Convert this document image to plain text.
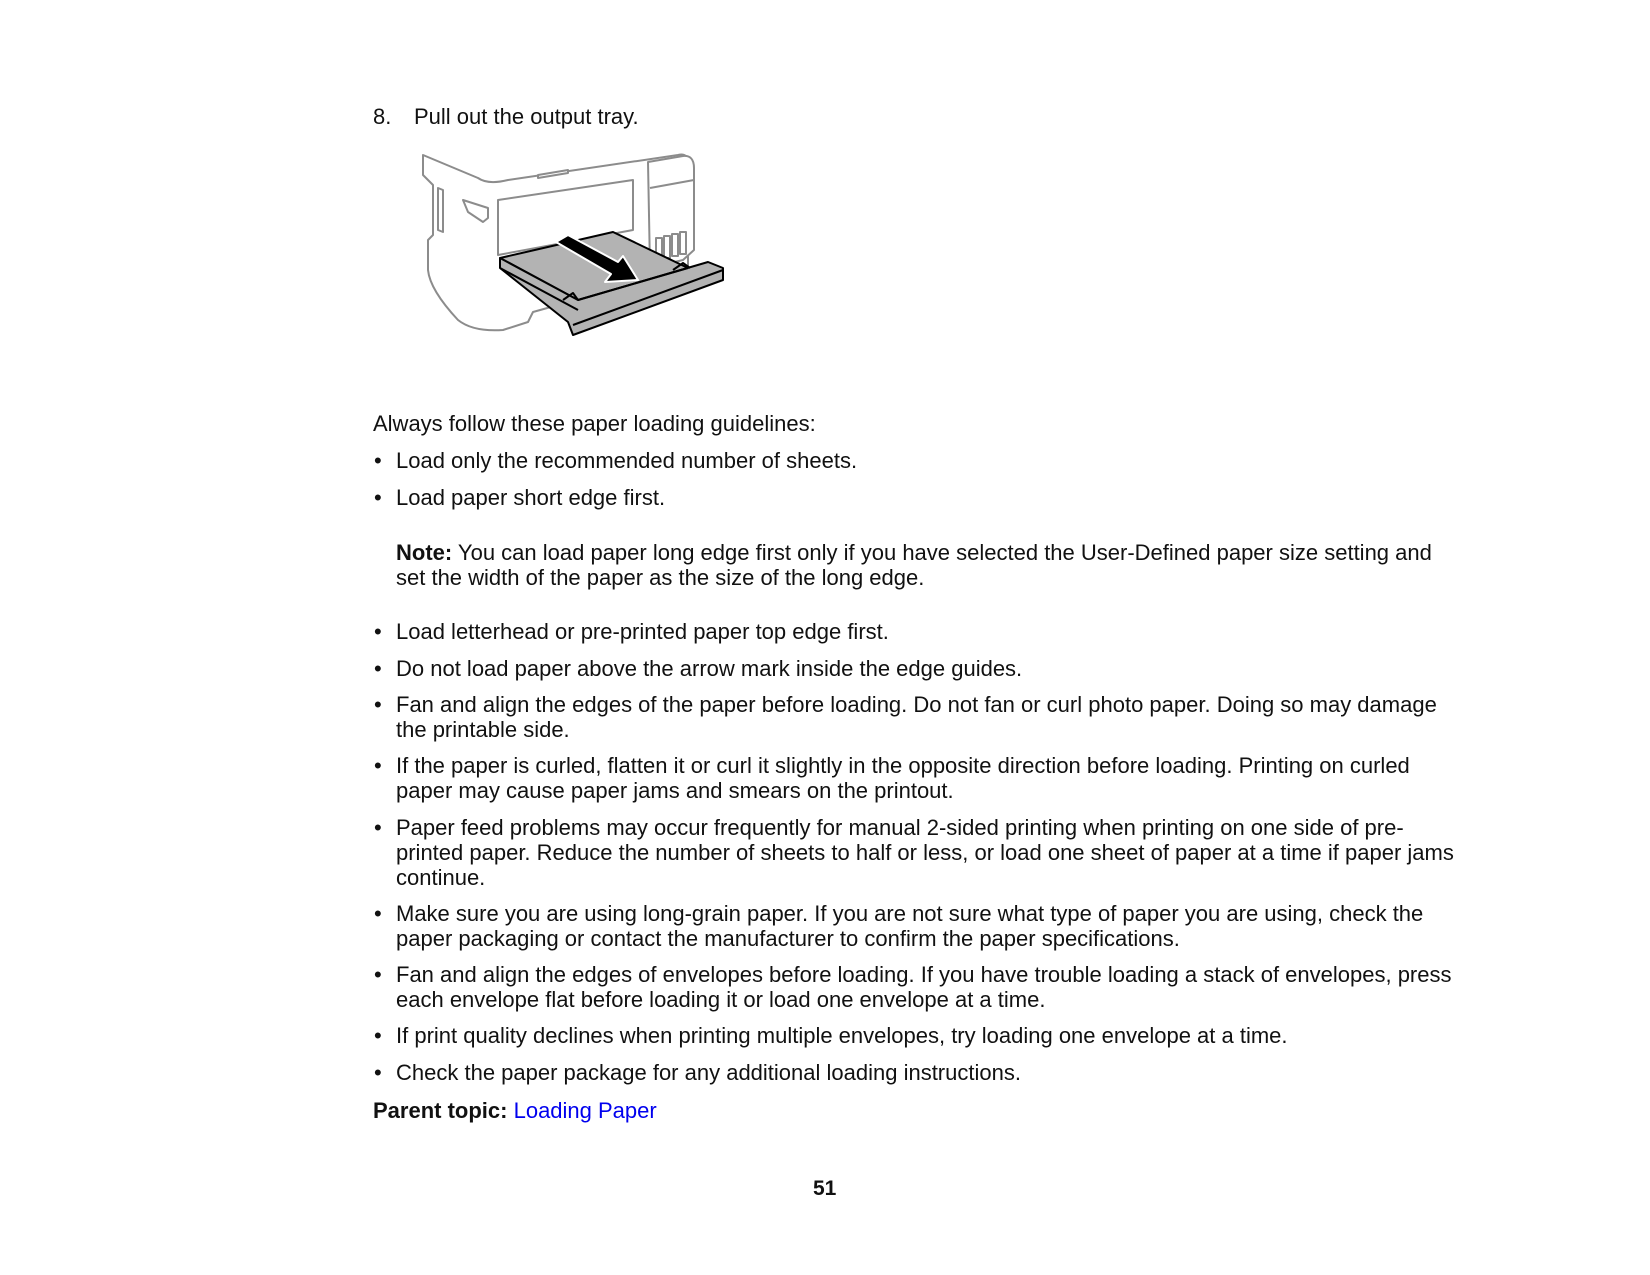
8. Pull out the output tray.
Always follow these paper loading guidelines:
• Load only the recommended number of sheets.
• Load paper short edge first.
Note: You can load paper long edge first only if you have selected the User-Defined paper size setting and set the width of the paper as the size of the long edge.
• Load letterhead or pre-printed paper top edge first.
• Do not load paper above the arrow mark inside the edge guides.
• Fan and align the edges of the paper before loading. Do not fan or curl photo paper. Doing so may damage the printable side.
• If the paper is curled, flatten it or curl it slightly in the opposite direction before loading. Printing on curled paper may cause paper jams and smears on the printout.
• Paper feed problems may occur frequently for manual 2-sided printing when printing on one side of pre-printed paper. Reduce the number of sheets to half or less, or load one sheet of paper at a time if paper jams continue.
• Make sure you are using long-grain paper. If you are not sure what type of paper you are using, check the paper packaging or contact the manufacturer to confirm the paper specifications.
• Fan and align the edges of envelopes before loading. If you have trouble loading a stack of envelopes, press each envelope flat before loading it or load one envelope at a time.
• If print quality declines when printing multiple envelopes, try loading one envelope at a time.
• Check the paper package for any additional loading instructions.
Parent topic: Loading Paper
51
